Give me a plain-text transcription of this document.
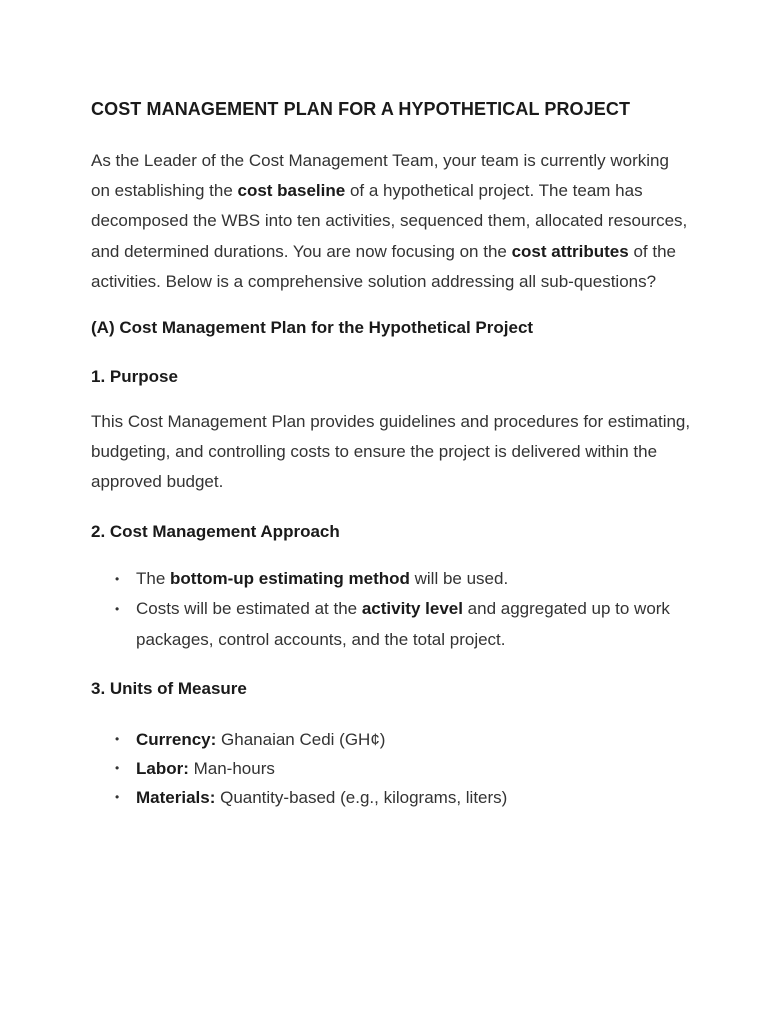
COST MANAGEMENT PLAN FOR A HYPOTHETICAL PROJECT

As the Leader of the Cost Management Team, your team is currently working on establishing the cost baseline of a hypothetical project. The team has decomposed the WBS into ten activities, sequenced them, allocated resources, and determined durations. You are now focusing on the cost attributes of the activities. Below is a comprehensive solution addressing all sub-questions?

(A) Cost Management Plan for the Hypothetical Project
1. Purpose

This Cost Management Plan provides guidelines and procedures for estimating, budgeting, and controlling costs to ensure the project is delivered within the approved budget.

2. Cost Management Approach
• The bottom-up estimating method will be used.
• Costs will be estimated at the activity level and aggregated up to work packages, control accounts, and the total project.
3. Units of Measure
• Currency: Ghanaian Cedi (GH¢)
• Labor: Man-hours
• Materials: Quantity-based (e.g., kilograms, liters)
